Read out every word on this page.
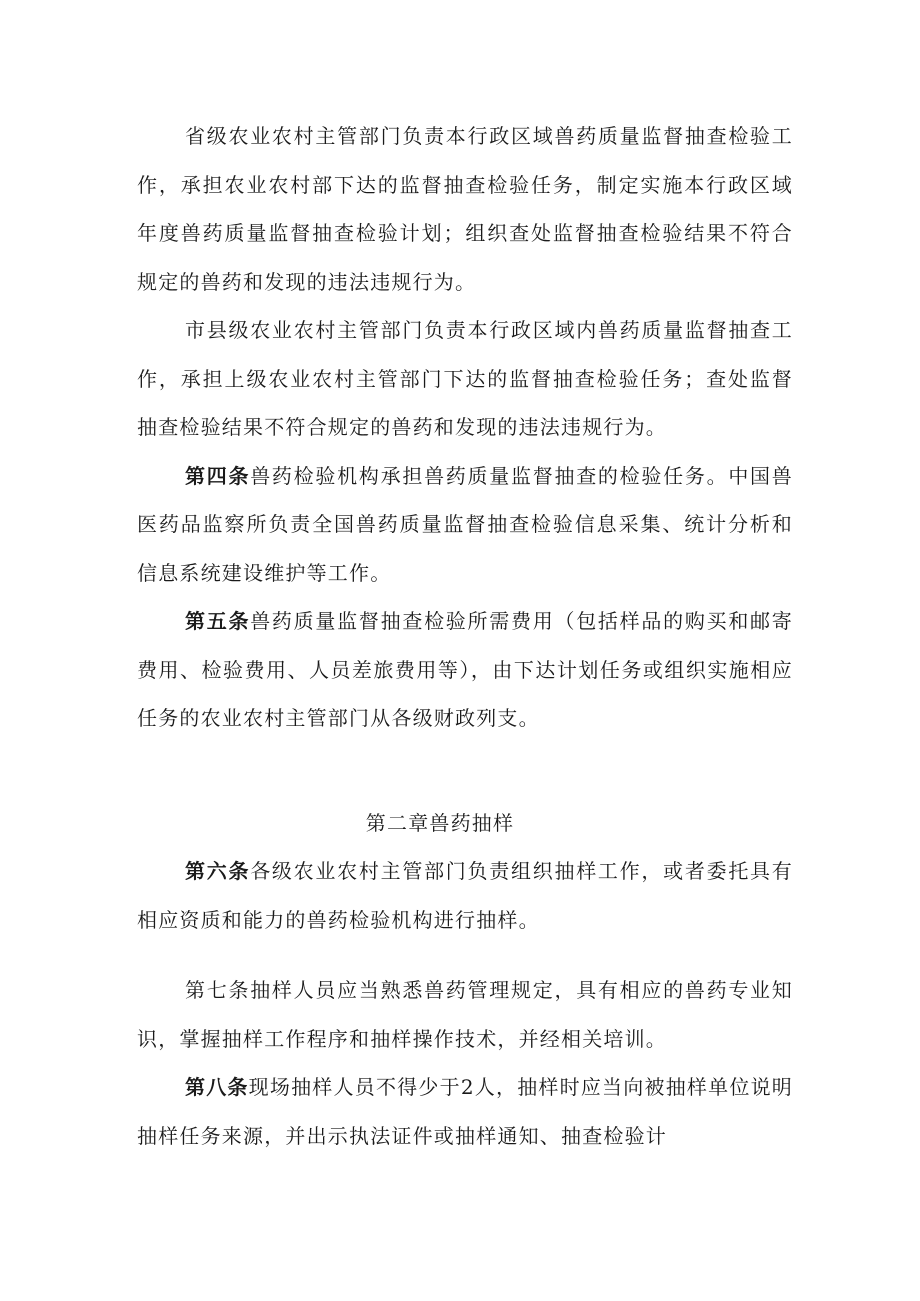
省级农业农村主管部门负责本行政区域兽药质量监督抽查检验工作，承担农业农村部下达的监督抽查检验任务，制定实施本行政区域年度兽药质量监督抽查检验计划；组织查处监督抽查检验结果不符合规定的兽药和发现的违法违规行为。

市县级农业农村主管部门负责本行政区域内兽药质量监督抽查工作，承担上级农业农村主管部门下达的监督抽查检验任务；查处监督抽查检验结果不符合规定的兽药和发现的违法违规行为。

第四条兽药检验机构承担兽药质量监督抽查的检验任务。中国兽医药品监察所负责全国兽药质量监督抽查检验信息采集、统计分析和信息系统建设维护等工作。

第五条兽药质量监督抽查检验所需费用（包括样品的购买和邮寄费用、检验费用、人员差旅费用等），由下达计划任务或组织实施相应任务的农业农村主管部门从各级财政列支。

第二章兽药抽样

第六条各级农业农村主管部门负责组织抽样工作，或者委托具有相应资质和能力的兽药检验机构进行抽样。

第七条抽样人员应当熟悉兽药管理规定，具有相应的兽药专业知识，掌握抽样工作程序和抽样操作技术，并经相关培训。

第八条现场抽样人员不得少于2人，抽样时应当向被抽样单位说明抽样任务来源，并出示执法证件或抽样通知、抽查检验计
